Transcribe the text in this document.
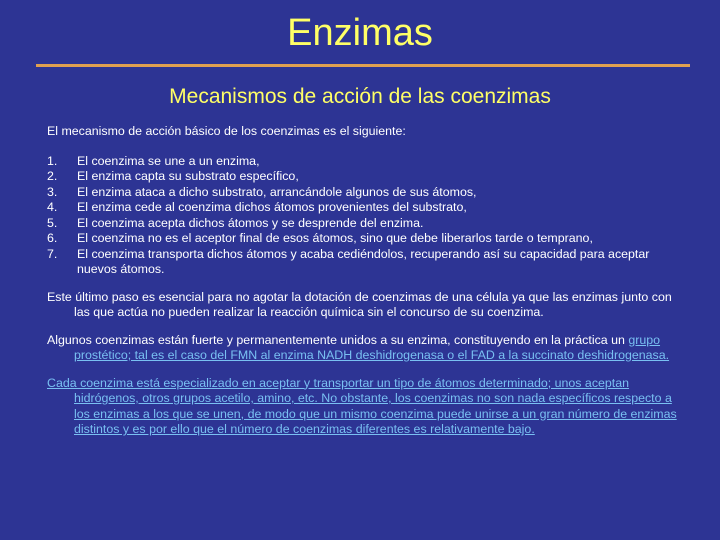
Enzimas
Mecanismos de acción de las coenzimas
El mecanismo de acción básico de los coenzimas es el siguiente:
1.	El coenzima se une a un enzima,
2.	El enzima capta su substrato específico,
3.	El enzima ataca a dicho substrato, arrancándole algunos de sus átomos,
4.	El enzima cede al coenzima dichos átomos provenientes del substrato,
5.	El coenzima acepta dichos átomos y se desprende del enzima.
6.	El coenzima no es el aceptor final de esos átomos, sino que debe liberarlos tarde o temprano,
7.	El coenzima transporta dichos átomos y acaba cediéndolos, recuperando así su capacidad para aceptar nuevos átomos.
Este último paso es esencial para no agotar la dotación de coenzimas de una célula ya que las enzimas junto con las que actúa no pueden realizar la reacción química sin el concurso de su coenzima.
Algunos coenzimas están fuerte y permanentemente unidos a su enzima, constituyendo en la práctica un grupo prostético; tal es el caso del FMN al enzima NADH deshidrogenasa o el FAD a la succinato deshidrogenasa.
Cada coenzima está especializado en aceptar y transportar un tipo de átomos determinado; unos aceptan hidrógenos, otros grupos acetilo, amino, etc. No obstante, los coenzimas no son nada específicos respecto a los enzimas a los que se unen, de modo que un mismo coenzima puede unirse a un gran número de enzimas distintos y es por ello que el número de coenzimas diferentes es relativamente bajo.
